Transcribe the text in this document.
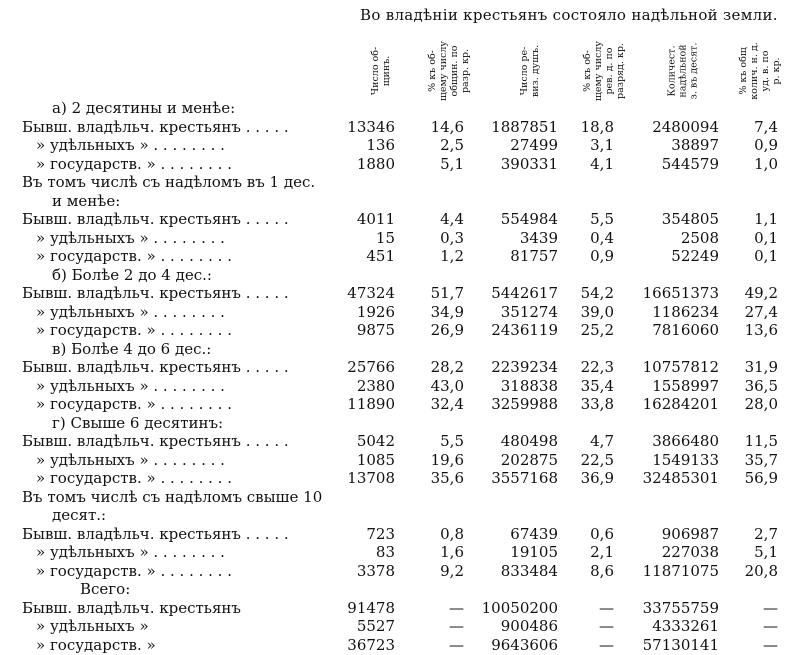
Во владѣніи крестьянъ состояло надѣльной земли.
Число об-
щинъ.	% къ об-
щему числу
общин. по
разр. кр.	Число ре-
виз. душъ.	% къ об-
щему числу
рев. д. по
разряд. кр.	Количест.
надѣльной
з. въ десят.	% къ общ
колич. н. д.
уд. в. по
р. кр.
а) 2 десятины и менѣе:
Бывш. владѣльч. крестьянъ . . . . .	13346 14,6 1887851 18,8	2480094 7,4
» удѣльныхъ » . . . . . . . .	136	2,5	27499 3,1	38897 0,9
» государств. » . . . . . . . .	1880	5,1 390331 4,1	544579 1,0
Въ томъ числѣ съ надѣломъ въ 1 дес.
и менѣе:
Бывш. владѣльч. крестьянъ . . . . .	4011	4,4 554984 5,5	354805 1,1
» удѣльныхъ » . . . . . . . .	15	0,3	3439 0,4	2508 0,1
» государств. » . . . . . . . .	451	1,2	81757 0,9	52249 0,1
б) Болѣе 2 до 4 дес.:
Бывш. владѣльч. крестьянъ . . . . .	47324 51,7 5442617 54,2 16651373 49,2
» удѣльныхъ » . . . . . . . .	1926 34,9 351274 39,0	1186234 27,4
» государств. » . . . . . . . .	9875 26,9 2436119 25,2	7816060 13,6
в) Болѣе 4 до 6 дес.:
Бывш. владѣльч. крестьянъ . . . . .	25766 28,2 2239234 22,3 10757812 31,9
» удѣльныхъ » . . . . . . . .	2380 43,0 318838 35,4	1558997 36,5
» государств. » . . . . . . . .	11890 32,4 3259988 33,8 16284201 28,0
г) Свыше 6 десятинъ:
Бывш. владѣльч. крестьянъ . . . . .	5042	5,5 480498 4,7	3866480 11,5
» удѣльныхъ » . . . . . . . .	1085 19,6 202875 22,5	1549133 35,7
» государств. » . . . . . . . .	13708 35,6 3557168 36,9 32485301 56,9
Въ томъ числѣ съ надѣломъ свыше 10
десят.:
Бывш. владѣльч. крестьянъ . . . . .	723	0,8	67439 0,6	906987 2,7
» удѣльныхъ » . . . . . . . .	83	1,6	19105 2,1	227038 5,1
» государств. » . . . . . . . .	3378	9,2 833484 8,6 11871075 20,8
Всего:
Бывш. владѣльч. крестьянъ	91478	— 10050200	— 33755759	—
» удѣльныхъ »	5527	— 900486	—	4333261	—
» государств. »	36723	— 9643606	— 57130141	—
